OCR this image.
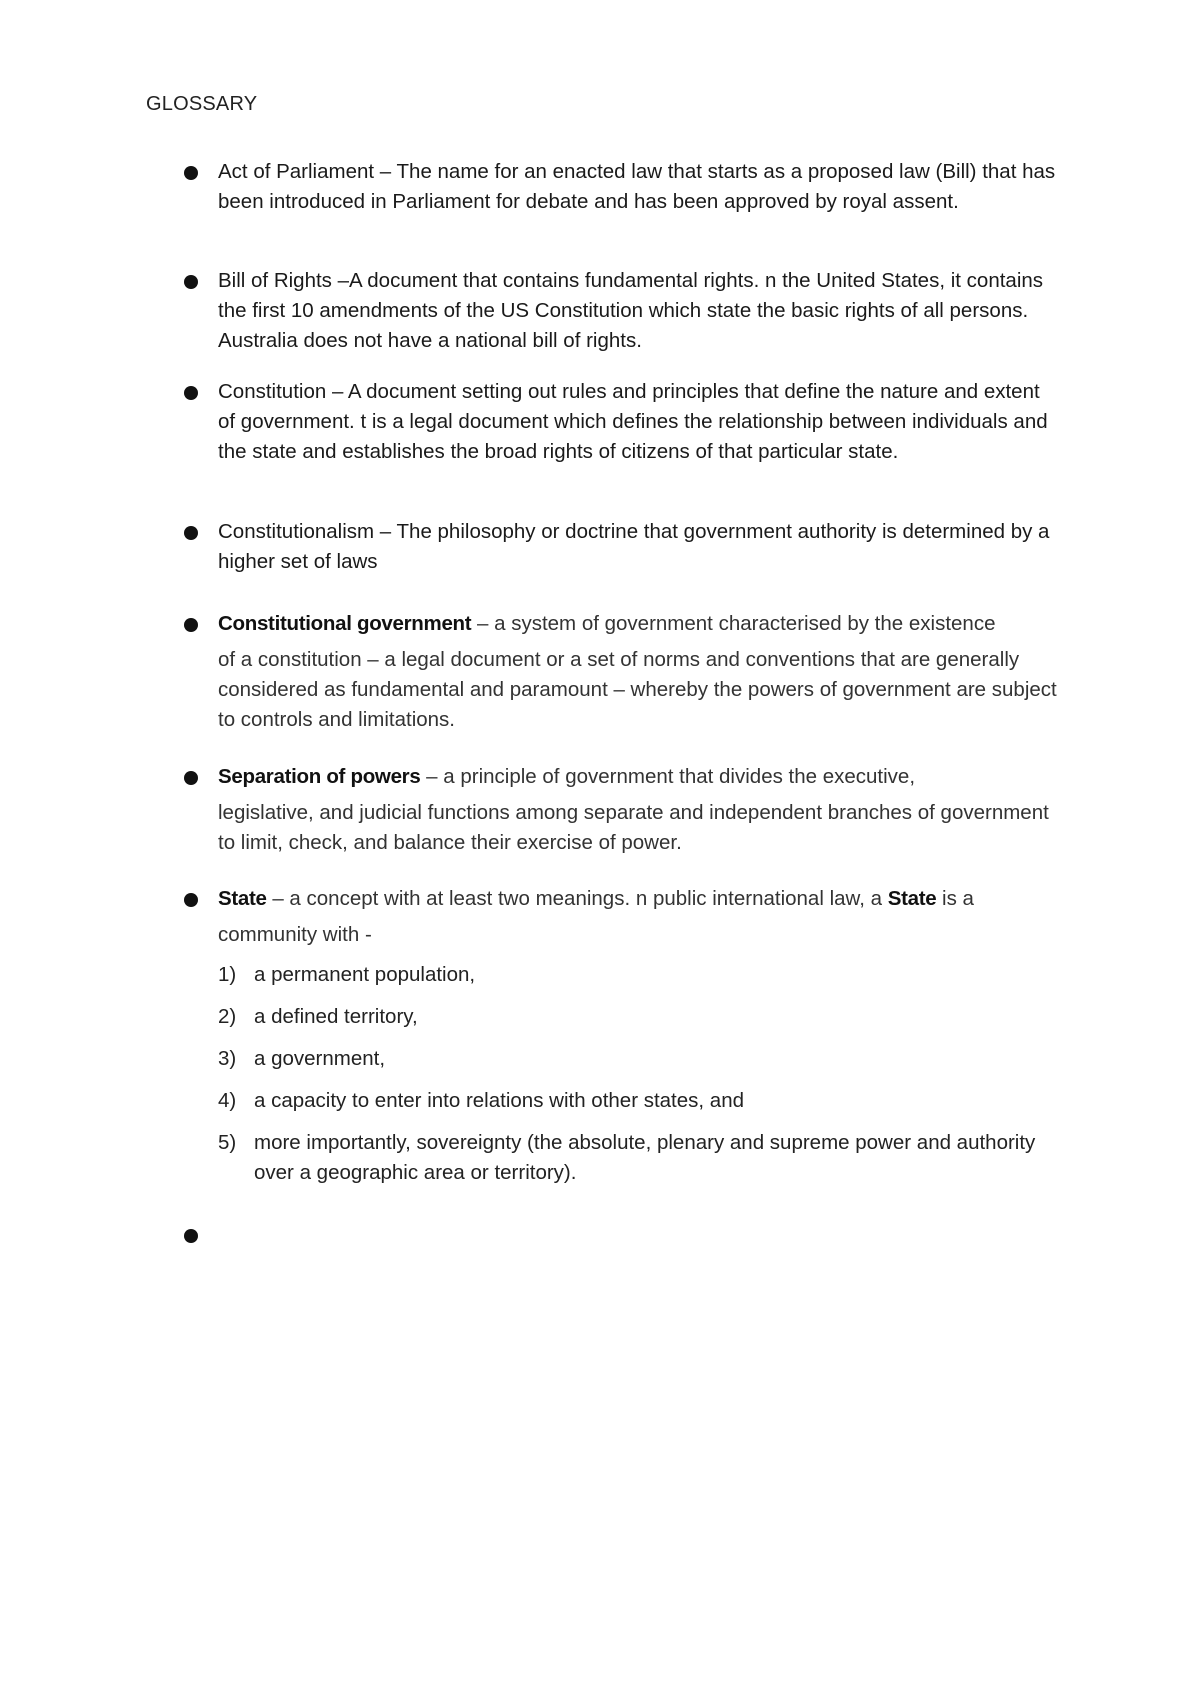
GLOSSARY
Act of Parliament – The name for an enacted law that starts as a proposed law (Bill) that has been introduced in Parliament for debate and has been approved by royal assent.
Bill of Rights –A document that contains fundamental rights. n the United States, it contains the first 10 amendments of the US Constitution which state the basic rights of all persons. Australia does not have a national bill of rights.
Constitution – A document setting out rules and principles that define the nature and extent of government. t is a legal document which defines the relationship between individuals and the state and establishes the broad rights of citizens of that particular state.
Constitutionalism – The philosophy or doctrine that government authority is determined by a higher set of laws
Constitutional government – a system of government characterised by the existence
of a constitution – a legal document or a set of norms and conventions that are generally considered as fundamental and paramount – whereby the powers of government are subject to controls and limitations.
Separation of powers – a principle of government that divides the executive,
legislative, and judicial functions among separate and independent branches of government to limit, check, and balance their exercise of power.
State – a concept with at least two meanings. n public international law, a State is a
community with -
1) a permanent population,
2) a defined territory,
3) a government,
4) a capacity to enter into relations with other states, and
5) more importantly, sovereignty (the absolute, plenary and supreme power and authority over a geographic area or territory).
